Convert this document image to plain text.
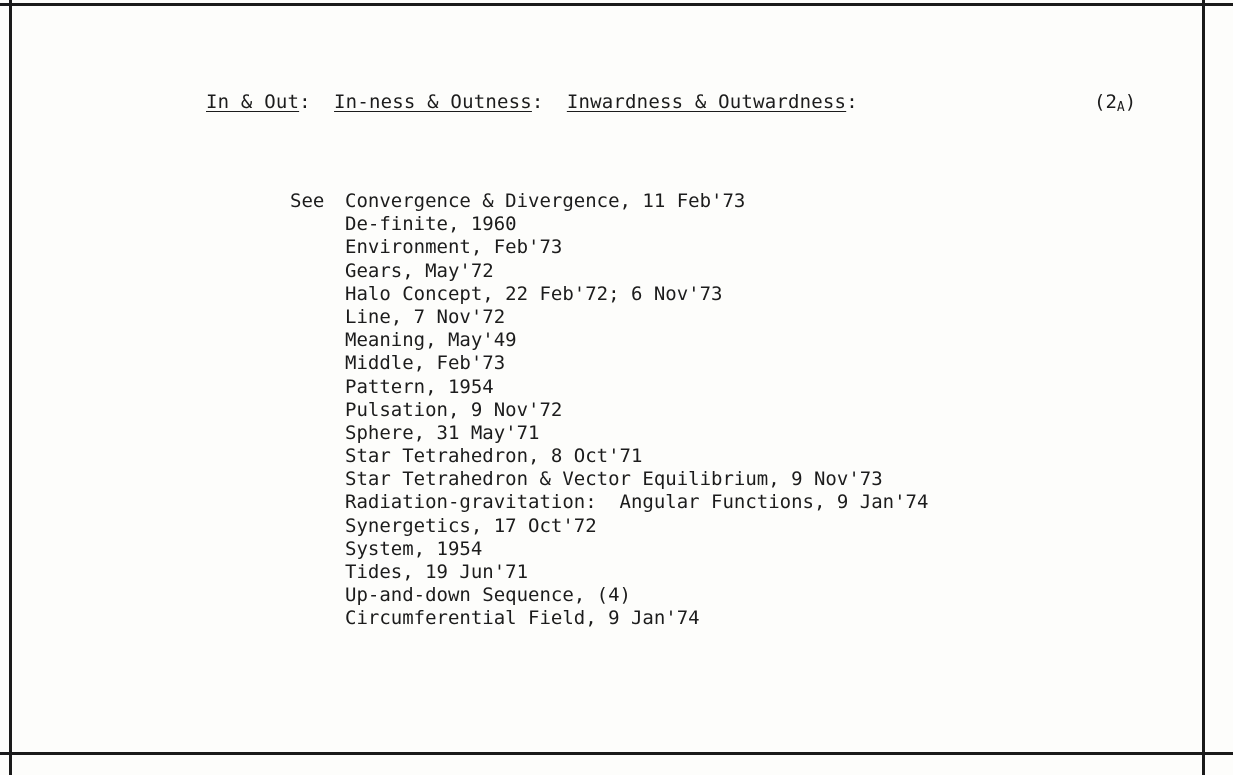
In & Out: In-ness & Outness: Inwardness & Outwardness:	$(2_A)$
See Convergence & Divergence, 11 Feb'73
De-finite, 1960
Environment, Feb'73
Gears, May'72
Halo Concept, 22 Feb'72; 6 Nov'73
Line, 7 Nov'72
Meaning, May'49
Middle, Feb'73
Pattern, 1954
Pulsation, 9 Nov'72
Sphere, 31 May'71
Star Tetrahedron, 8 Oct'71
Star Tetrahedron & Vector Equilibrium, 9 Nov'73
Radiation-gravitation:  Angular Functions, 9 Jan'74
Synergetics, 17 Oct'72
System, 1954
Tides, 19 Jun'71
Up-and-down Sequence, (4)
Circumferential Field, 9 Jan'74
